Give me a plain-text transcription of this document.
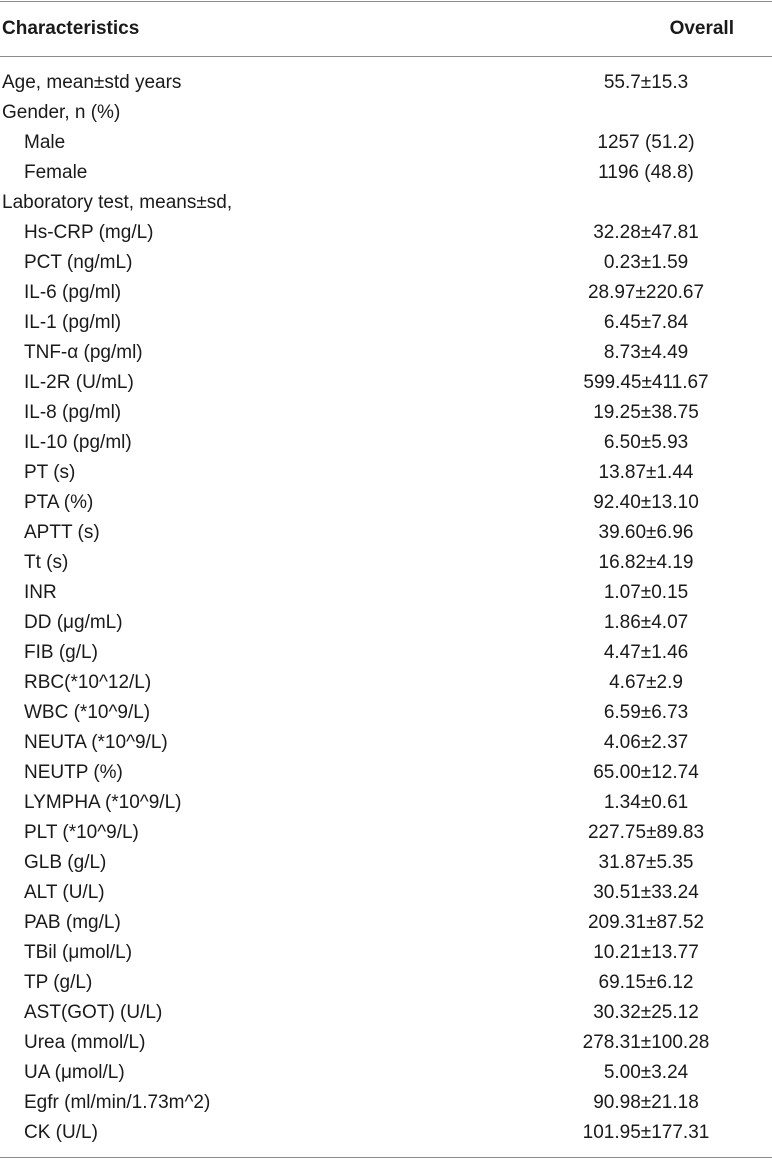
Characteristics	Overall
Age, mean±std years	55.7±15.3
Gender, n (%)
Male	1257 (51.2)
Female	1196 (48.8)
Laboratory test, means±sd,
Hs-CRP (mg/L)	32.28±47.81
PCT (ng/mL)	0.23±1.59
IL-6 (pg/ml)	28.97±220.67
IL-1 (pg/ml)	6.45±7.84
TNF-α (pg/ml)	8.73±4.49
IL-2R (U/mL)	599.45±411.67
IL-8 (pg/ml)	19.25±38.75
IL-10 (pg/ml)	6.50±5.93
PT (s)	13.87±1.44
PTA (%)	92.40±13.10
APTT (s)	39.60±6.96
Tt (s)	16.82±4.19
INR	1.07±0.15
DD (μg/mL)	1.86±4.07
FIB (g/L)	4.47±1.46
RBC(*10^12/L)	4.67±2.9
WBC (*10^9/L)	6.59±6.73
NEUTA (*10^9/L)	4.06±2.37
NEUTP (%)	65.00±12.74
LYMPHA (*10^9/L)	1.34±0.61
PLT (*10^9/L)	227.75±89.83
GLB (g/L)	31.87±5.35
ALT (U/L)	30.51±33.24
PAB (mg/L)	209.31±87.52
TBil (μmol/L)	10.21±13.77
TP (g/L)	69.15±6.12
AST(GOT) (U/L)	30.32±25.12
Urea (mmol/L)	278.31±100.28
UA (μmol/L)	5.00±3.24
Egfr (ml/min/1.73m^2)	90.98±21.18
CK (U/L)	101.95±177.31
